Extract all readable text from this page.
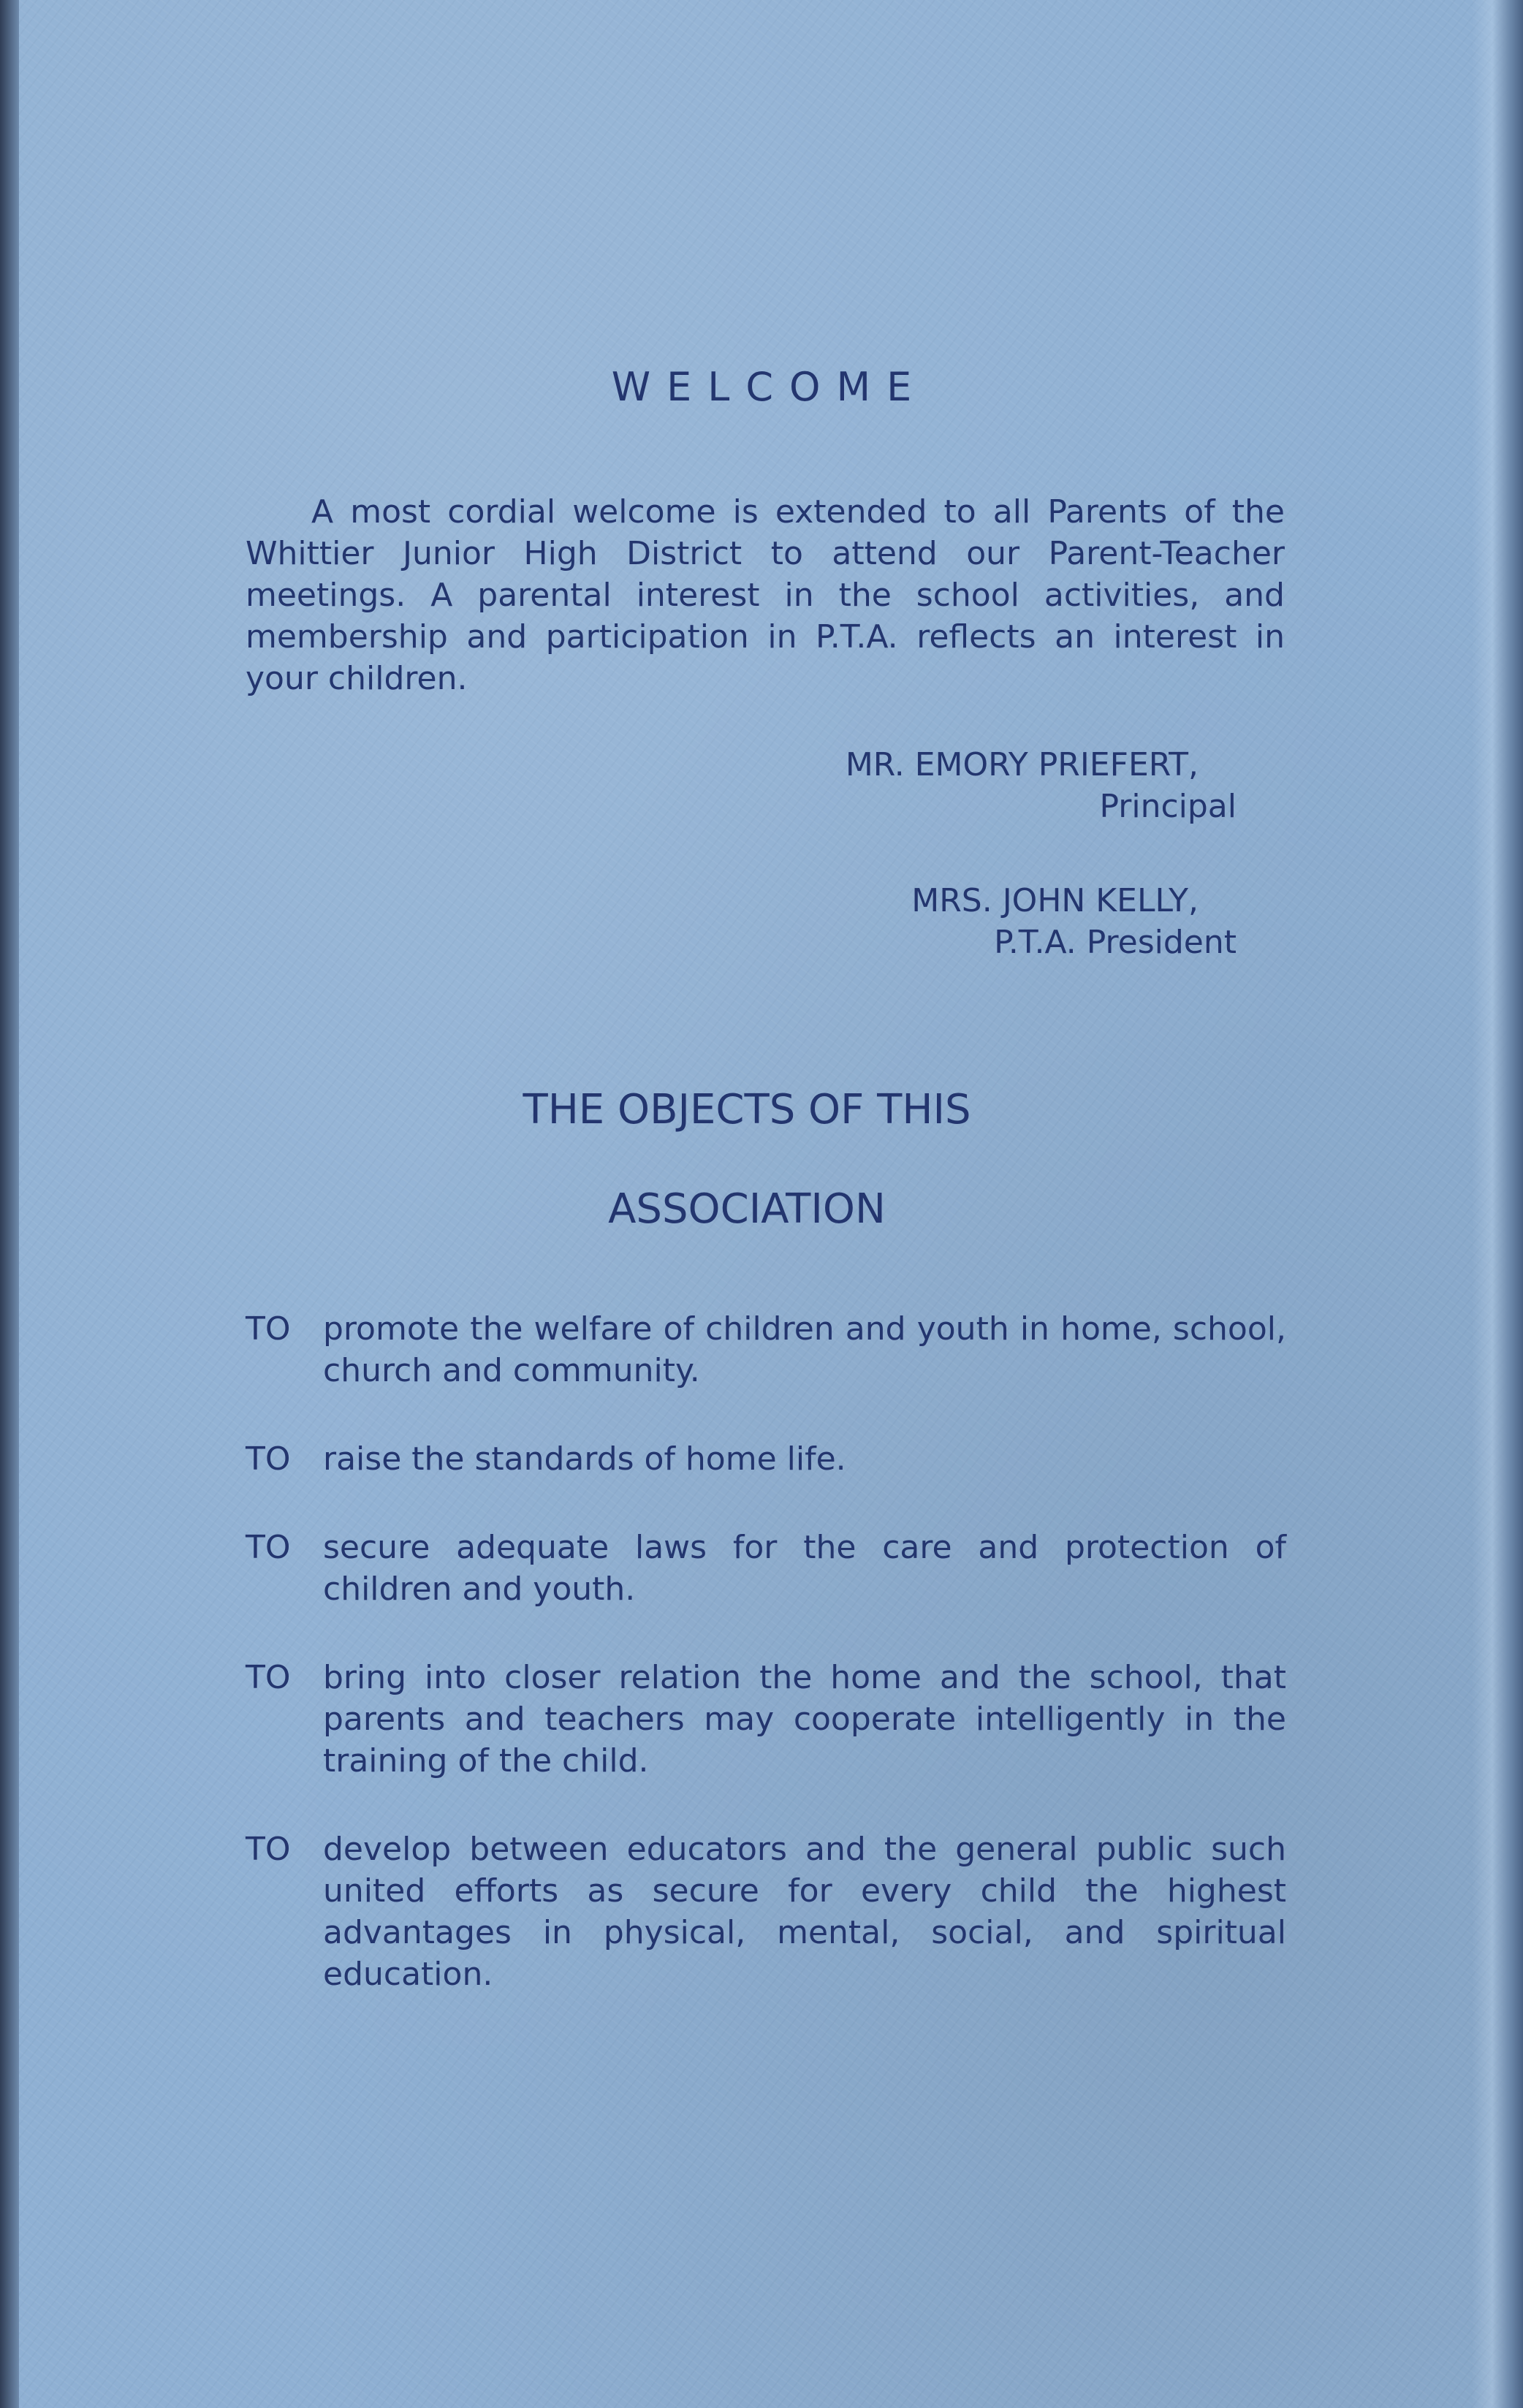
WELCOME
A most cordial welcome is extended to all Parents of the Whittier Junior High District to attend our Parent-Teacher meetings. A parental interest in the school activities, and membership and participation in P.T.A. reflects an interest in your children.
MR. EMORY PRIEFERT,
Principal
MRS. JOHN KELLY,
P.T.A. President
THE OBJECTS OF THIS
ASSOCIATION
TO promote the welfare of children and youth in home, school, church and community.
TO raise the standards of home life.
TO secure adequate laws for the care and protection of children and youth.
TO bring into closer relation the home and the school, that parents and teachers may cooperate intelligently in the training of the child.
TO develop between educators and the general public such united efforts as secure for every child the highest advantages in physical, mental, social, and spiritual education.
